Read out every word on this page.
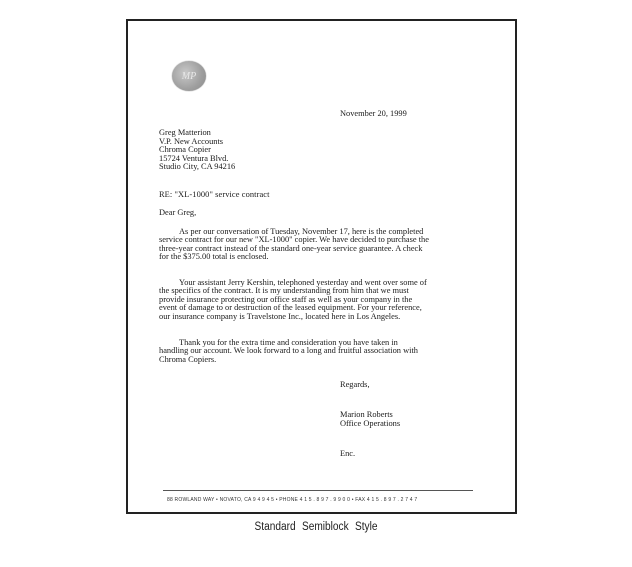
MP
November 20, 1999
Greg Matterion
V.P. New Accounts
Chroma Copier
15724 Ventura Blvd.
Studio City, CA 94216
RE: "XL-1000" service contract
Dear Greg,
As per our conversation of Tuesday, November 17, here is the completed
service contract for our new "XL-1000" copier. We have decided to purchase the
three-year contract instead of the standard one-year service guarantee. A check
for the $375.00 total is enclosed.
Your assistant Jerry Kershin, telephoned yesterday and went over some of
the specifics of the contract. It is my understanding from him that we must
provide insurance protecting our office staff as well as your company in the
event of damage to or destruction of the leased equipment. For your reference,
our insurance company is Travelstone Inc., located here in Los Angeles.
Thank you for the extra time and consideration you have taken in
handling our account. We look forward to a long and fruitful association with
Chroma Copiers.
Regards,
Marion Roberts
Office Operations
Enc.
88 ROWLAND WAY • NOVATO, CA 9 4 9 4 5 • PHONE 4 1 5 . 8 9 7 . 9 9 0 0 • FAX 4 1 5 . 8 9 7 . 2 7 4 7
Standard Semiblock Style
